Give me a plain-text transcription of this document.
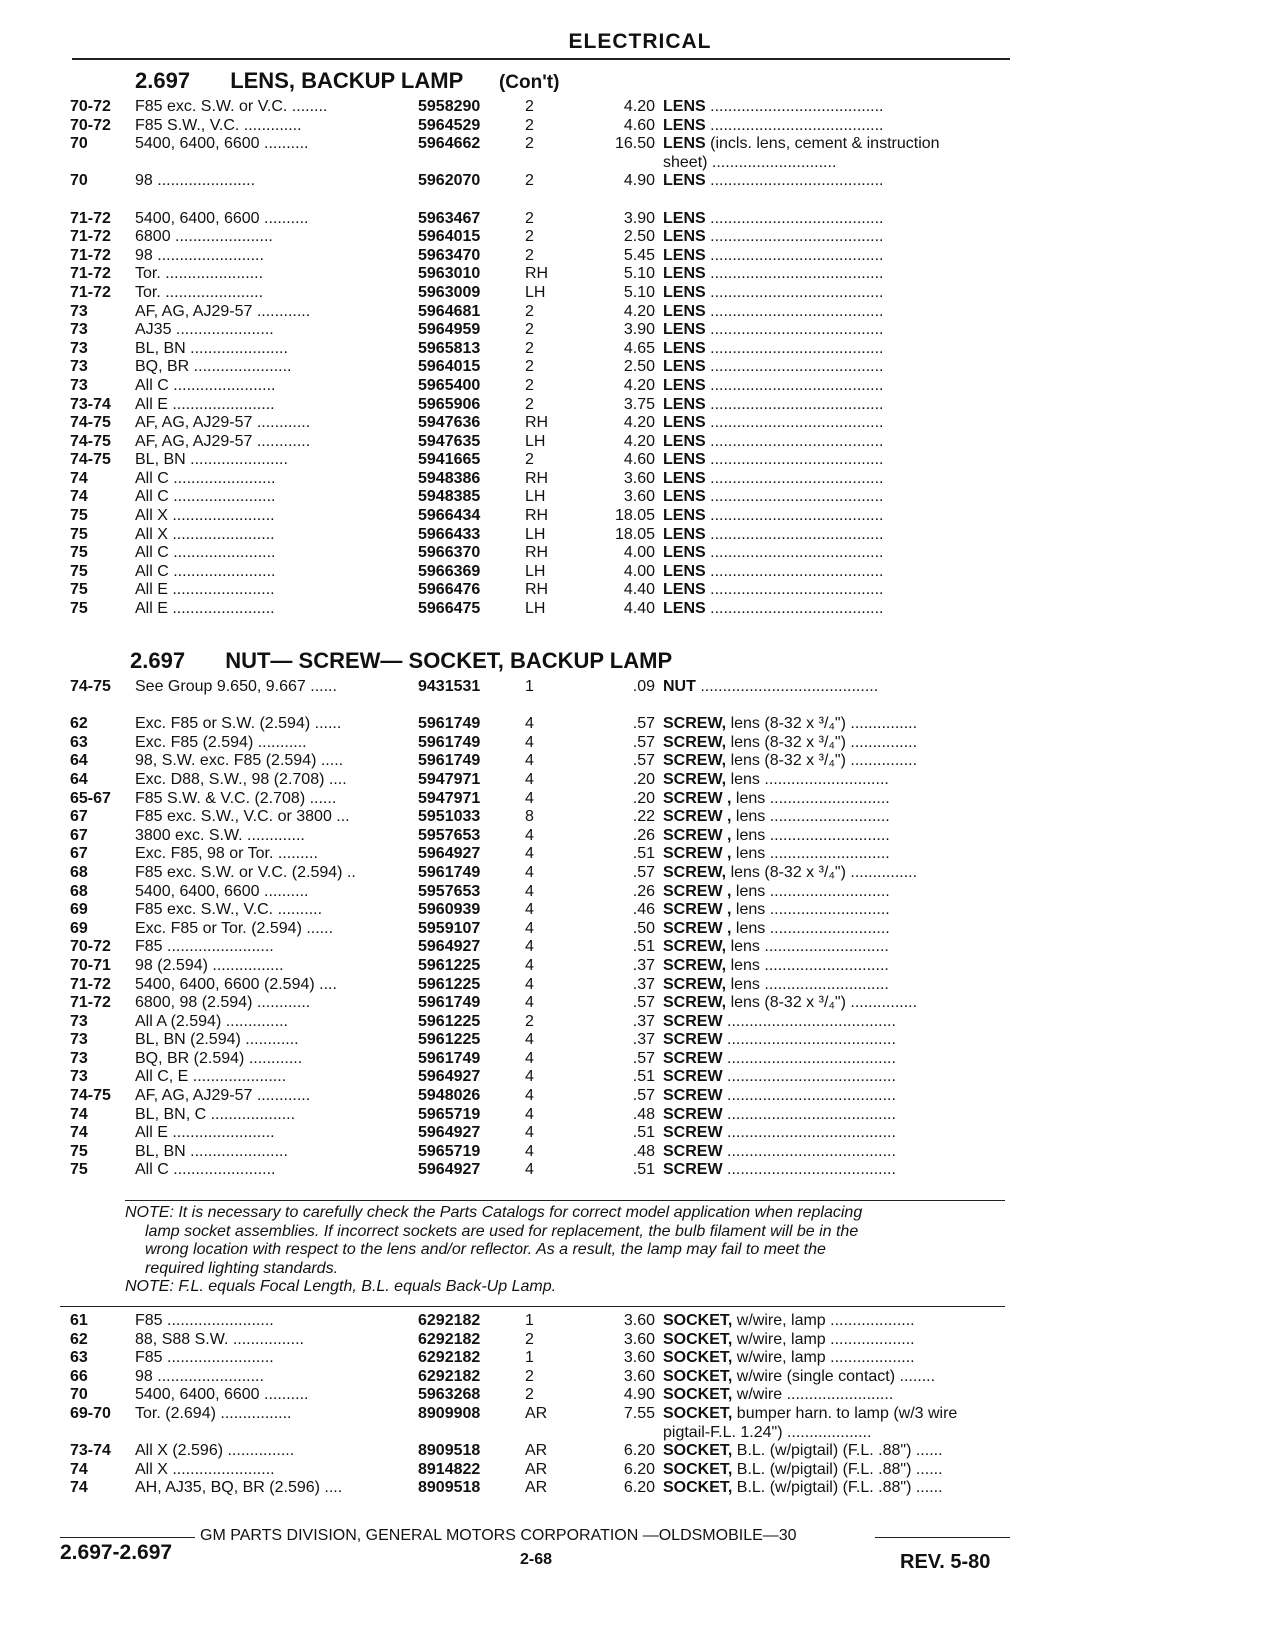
ELECTRICAL
2.697 LENS, BACKUP LAMP (Con't)
70-72 F85 exc. S.W. or V.C. ........	5958290	2	4.20 LENS .......................................
70-72 F85 S.W., V.C. .............	5964529	2	4.60 LENS .......................................
70	5400, 6400, 6600 ..........	5964662	2	16.50 LENS (incls. lens, cement & instruction
sheet) ............................
70	98 ......................	5962070	2	4.90 LENS .......................................
71-72 5400, 6400, 6600 ..........	5963467	2	3.90 LENS .......................................
71-72 6800 ......................	5964015	2	2.50 LENS .......................................
71-72 98 ........................	5963470	2	5.45 LENS .......................................
71-72 Tor. ......................	5963010	RH	5.10 LENS .......................................
71-72 Tor. ......................	5963009	LH	5.10 LENS .......................................
73	AF, AG, AJ29-57 ............	5964681	2	4.20 LENS .......................................
73	AJ35 ......................	5964959	2	3.90 LENS .......................................
73	BL, BN ......................	5965813	2	4.65 LENS .......................................
73	BQ, BR ......................	5964015	2	2.50 LENS .......................................
73	All C .......................	5965400	2	4.20 LENS .......................................
73-74 All E .......................	5965906	2	3.75 LENS .......................................
74-75 AF, AG, AJ29-57 ............	5947636	RH	4.20 LENS .......................................
74-75 AF, AG, AJ29-57 ............	5947635	LH	4.20 LENS .......................................
74-75 BL, BN ......................	5941665	2	4.60 LENS .......................................
74	All C .......................	5948386	RH	3.60 LENS .......................................
74	All C .......................	5948385	LH	3.60 LENS .......................................
75	All X .......................	5966434	RH	18.05 LENS .......................................
75	All X .......................	5966433	LH	18.05 LENS .......................................
75	All C .......................	5966370	RH	4.00 LENS .......................................
75	All C .......................	5966369	LH	4.00 LENS .......................................
75	All E .......................	5966476	RH	4.40 LENS .......................................
75	All E .......................	5966475	LH	4.40 LENS .......................................
2.697 NUT— SCREW— SOCKET, BACKUP LAMP
74-75 See Group 9.650, 9.667 ......	9431531	1	.09 NUT ........................................
62	Exc. F85 or S.W. (2.594) ......	5961749	4	.57 SCREW, lens (8-32 x ³/₄") ...............
63	Exc. F85 (2.594) ...........	5961749	4	.57 SCREW, lens (8-32 x ³/₄") ...............
64	98, S.W. exc. F85 (2.594) .....	5961749	4	.57 SCREW, lens (8-32 x ³/₄") ...............
64	Exc. D88, S.W., 98 (2.708) ....	5947971	4	.20 SCREW, lens ............................
65-67 F85 S.W. & V.C. (2.708) ......	5947971	4	.20 SCREW , lens ...........................
67	F85 exc. S.W., V.C. or 3800 ...	5951033	8	.22 SCREW , lens ...........................
67	3800 exc. S.W. .............	5957653	4	.26 SCREW , lens ...........................
67	Exc. F85, 98 or Tor. .........	5964927	4	.51 SCREW , lens ...........................
68	F85 exc. S.W. or V.C. (2.594) ..	5961749	4	.57 SCREW, lens (8-32 x ³/₄") ...............
68	5400, 6400, 6600 ..........	5957653	4	.26 SCREW , lens ...........................
69	F85 exc. S.W., V.C. ..........	5960939	4	.46 SCREW , lens ...........................
69	Exc. F85 or Tor. (2.594) ......	5959107	4	.50 SCREW , lens ...........................
70-72 F85 ........................	5964927	4	.51 SCREW, lens ............................
70-71 98 (2.594) ................	5961225	4	.37 SCREW, lens ............................
71-72 5400, 6400, 6600 (2.594) ....	5961225	4	.37 SCREW, lens ............................
71-72 6800, 98 (2.594) ............	5961749	4	.57 SCREW, lens (8-32 x ³/₄") ...............
73	All A (2.594) ..............	5961225	2	.37 SCREW ......................................
73	BL, BN (2.594) ............	5961225	4	.37 SCREW ......................................
73	BQ, BR (2.594) ............	5961749	4	.57 SCREW ......................................
73	All C, E .....................	5964927	4	.51 SCREW ......................................
74-75 AF, AG, AJ29-57 ............	5948026	4	.57 SCREW ......................................
74	BL, BN, C ...................	5965719	4	.48 SCREW ......................................
74	All E .......................	5964927	4	.51 SCREW ......................................
75	BL, BN ......................	5965719	4	.48 SCREW ......................................
75	All C .......................	5964927	4	.51 SCREW ......................................

NOTE: It is necessary to carefully check the Parts Catalogs for correct model application when replacing

lamp socket assemblies. If incorrect sockets are used for replacement, the bulb filament will be in the

wrong location with respect to the lens and/or reflector. As a result, the lamp may fail to meet the

required lighting standards.

NOTE: F.L. equals Focal Length, B.L. equals Back-Up Lamp.

61	F85 ........................	6292182	1	3.60 SOCKET, w/wire, lamp ...................
62	88, S88 S.W. ................	6292182	2	3.60 SOCKET, w/wire, lamp ...................
63	F85 ........................	6292182	1	3.60 SOCKET, w/wire, lamp ...................
66	98 ........................	6292182	2	3.60 SOCKET, w/wire (single contact) ........
70	5400, 6400, 6600 ..........	5963268	2	4.90 SOCKET, w/wire ........................
69-70 Tor. (2.694) ................	8909908	AR	7.55 SOCKET, bumper harn. to lamp (w/3 wire
pigtail-F.L. 1.24") ...................
73-74 All X (2.596) ...............	8909518	AR	6.20 SOCKET, B.L. (w/pigtail) (F.L. .88") ......
74	All X .......................	8914822	AR	6.20 SOCKET, B.L. (w/pigtail) (F.L. .88") ......
74	AH, AJ35, BQ, BR (2.596) ....	8909518	AR	6.20 SOCKET, B.L. (w/pigtail) (F.L. .88") ......
GM PARTS DIVISION, GENERAL MOTORS CORPORATION —OLDSMOBILE—30
2.697-2.697	2-68	REV. 5-80
